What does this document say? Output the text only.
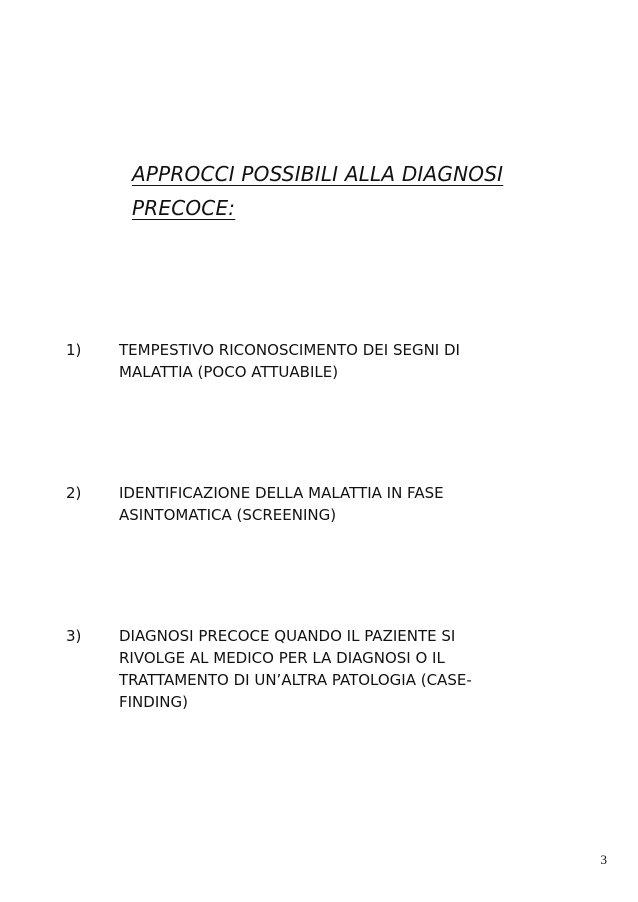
APPROCCI POSSIBILI ALLA DIAGNOSI
PRECOCE:
1)	TEMPESTIVO RICONOSCIMENTO DEI SEGNI DI
MALATTIA (POCO ATTUABILE)
2)	IDENTIFICAZIONE DELLA MALATTIA IN FASE
ASINTOMATICA (SCREENING)
3)	DIAGNOSI PRECOCE QUANDO IL PAZIENTE SI
RIVOLGE AL MEDICO PER LA DIAGNOSI O IL
TRATTAMENTO DI UN’ALTRA PATOLOGIA (CASE-
FINDING)
3
